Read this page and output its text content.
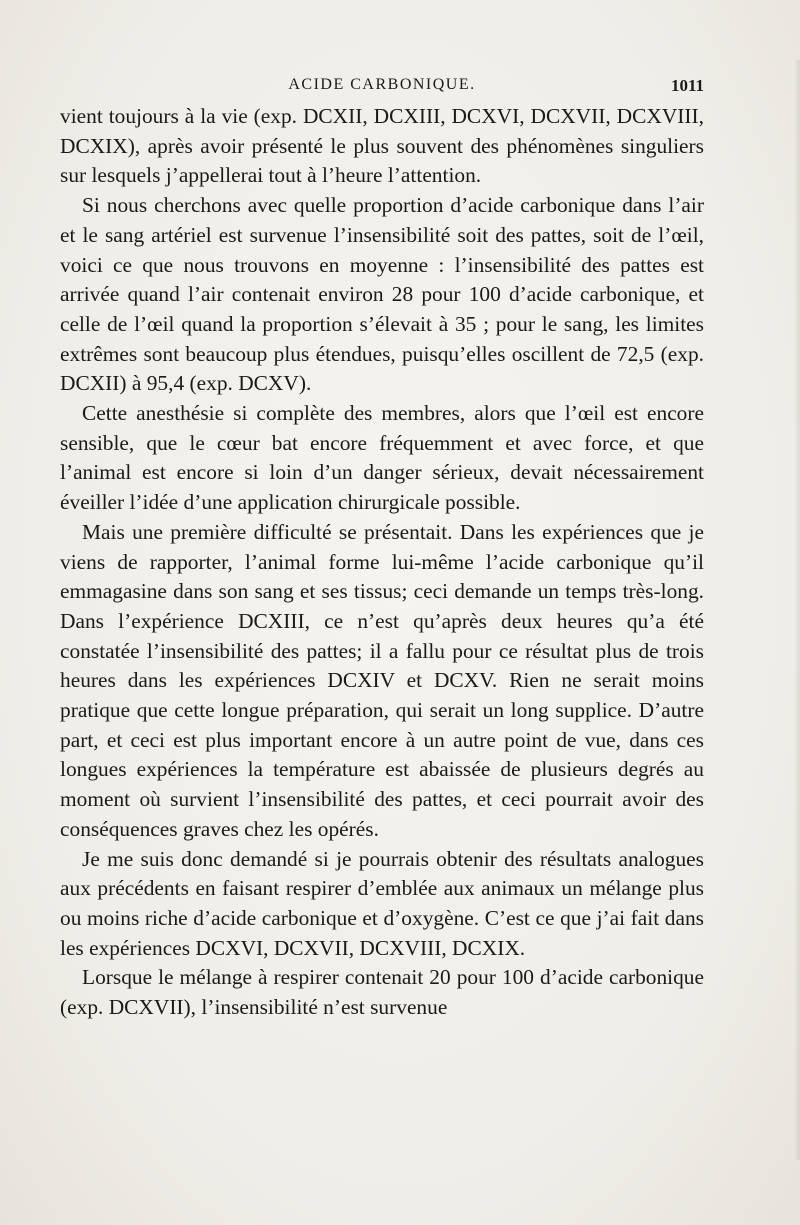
ACIDE CARBONIQUE.	1011

vient toujours à la vie (exp. DCXII, DCXIII, DCXVI, DCXVII, DCXVIII, DCXIX), après avoir présenté le plus souvent des phénomènes singuliers sur lesquels j’appellerai tout à l’heure l’attention.

Si nous cherchons avec quelle proportion d’acide carbonique dans l’air et le sang artériel est survenue l’insensibilité soit des pattes, soit de l’œil, voici ce que nous trouvons en moyenne : l’insensibilité des pattes est arrivée quand l’air contenait environ 28 pour 100 d’acide carbonique, et celle de l’œil quand la proportion s’élevait à 35 ; pour le sang, les limites extrêmes sont beaucoup plus étendues, puisqu’elles oscillent de 72,5 (exp. DCXII) à 95,4 (exp. DCXV).

Cette anesthésie si complète des membres, alors que l’œil est encore sensible, que le cœur bat encore fréquemment et avec force, et que l’animal est encore si loin d’un danger sérieux, devait nécessairement éveiller l’idée d’une application chirurgicale possible.

Mais une première difficulté se présentait. Dans les expériences que je viens de rapporter, l’animal forme lui-même l’acide carbonique qu’il emmagasine dans son sang et ses tissus; ceci demande un temps très-long. Dans l’expérience DCXIII, ce n’est qu’après deux heures qu’a été constatée l’insensibilité des pattes; il a fallu pour ce résultat plus de trois heures dans les expériences DCXIV et DCXV. Rien ne serait moins pratique que cette longue préparation, qui serait un long supplice. D’autre part, et ceci est plus important encore à un autre point de vue, dans ces longues expériences la température est abaissée de plusieurs degrés au moment où survient l’insensibilité des pattes, et ceci pourrait avoir des conséquences graves chez les opérés.

Je me suis donc demandé si je pourrais obtenir des résultats analogues aux précédents en faisant respirer d’emblée aux animaux un mélange plus ou moins riche d’acide carbonique et d’oxygène. C’est ce que j’ai fait dans les expériences DCXVI, DCXVII, DCXVIII, DCXIX.

Lorsque le mélange à respirer contenait 20 pour 100 d’acide carbonique (exp. DCXVII), l’insensibilité n’est survenue
